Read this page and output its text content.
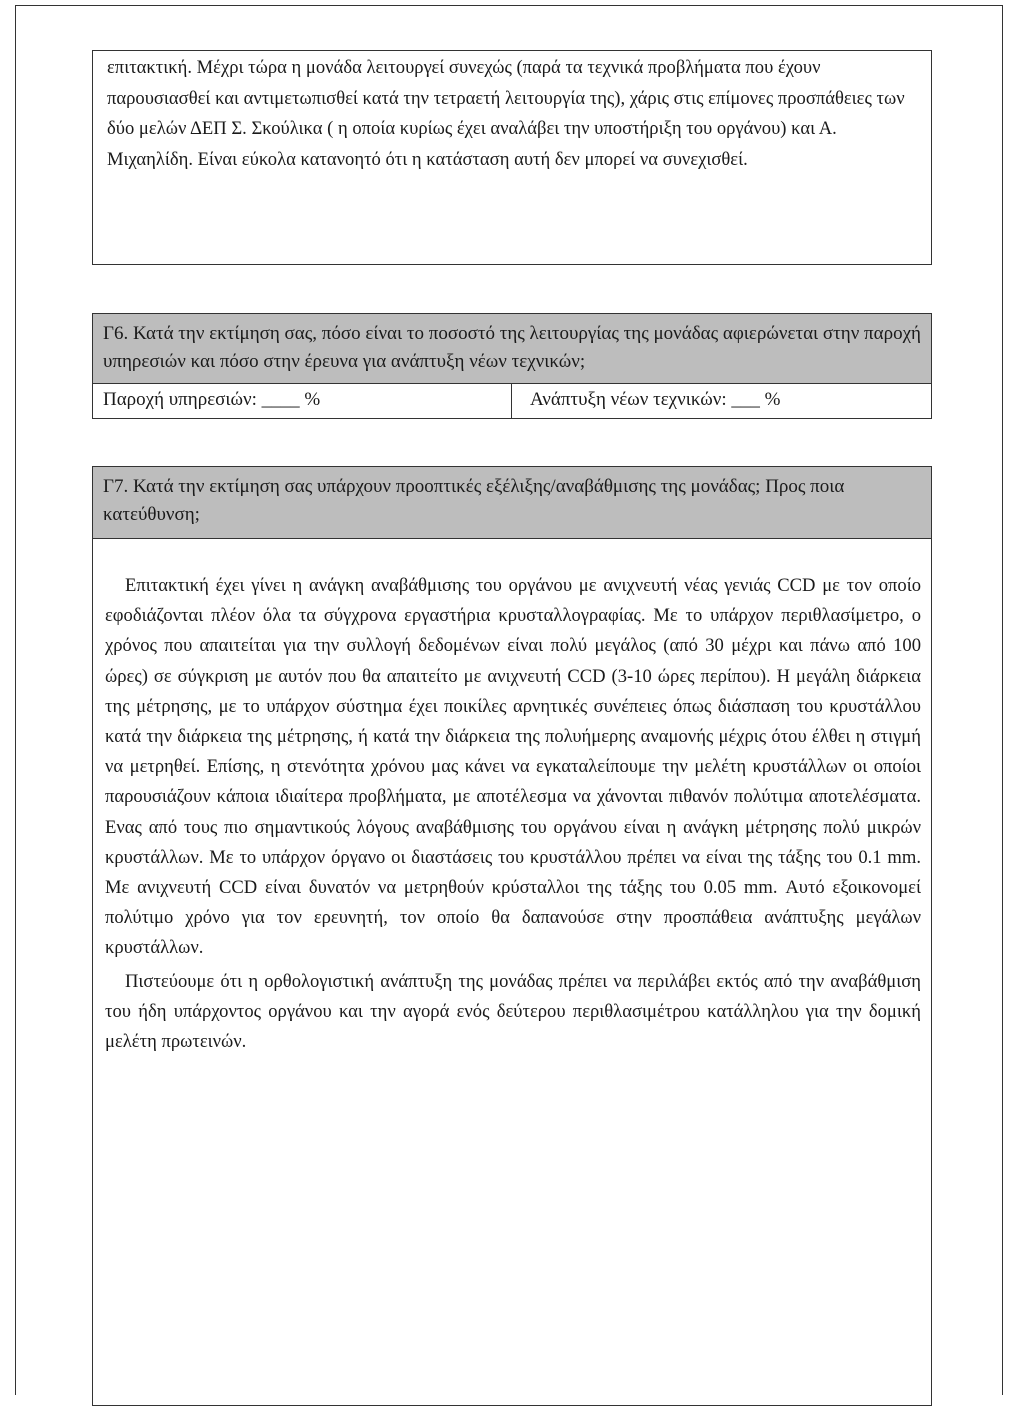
επιτακτική. Μέχρι τώρα η μονάδα λειτουργεί συνεχώς (παρά τα τεχνικά προβλήματα που έχουν παρουσιασθεί και αντιμετωπισθεί κατά την τετραετή λειτουργία της), χάρις στις επίμονες προσπάθειες των δύο μελών ΔΕΠ Σ. Σκούλικα ( η οποία κυρίως έχει αναλάβει την υποστήριξη του οργάνου) και Α. Μιχαηλίδη. Είναι εύκολα κατανοητό ότι η κατάσταση αυτή δεν μπορεί να συνεχισθεί.
Γ6. Κατά την εκτίμηση σας, πόσο είναι το ποσοστό της λειτουργίας της μονάδας αφιερώνεται στην παροχή υπηρεσιών και πόσο στην έρευνα για ανάπτυξη νέων τεχνικών;
Παροχή υπηρεσιών: ____ %	Ανάπτυξη νέων τεχνικών: ___ %
Γ7. Κατά την εκτίμηση σας υπάρχουν προοπτικές εξέλιξης/αναβάθμισης της μονάδας; Προς ποια κατεύθυνση;

Επιτακτική έχει γίνει η ανάγκη αναβάθμισης του οργάνου με ανιχνευτή νέας γενιάς CCD με τον οποίο εφοδιάζονται πλέον όλα τα σύγχρονα εργαστήρια κρυσταλλογραφίας. Με το υπάρχον περιθλασίμετρο, ο χρόνος που απαιτείται για την συλλογή δεδομένων είναι πολύ μεγάλος (από 30 μέχρι και πάνω από 100 ώρες) σε σύγκριση με αυτόν που θα απαιτείτο με ανιχνευτή CCD (3-10 ώρες περίπου). Η μεγάλη διάρκεια της μέτρησης, με το υπάρχον σύστημα έχει ποικίλες αρνητικές συνέπειες όπως διάσπαση του κρυστάλλου κατά την διάρκεια της μέτρησης, ή κατά την διάρκεια της πολυήμερης αναμονής μέχρις ότου έλθει η στιγμή να μετρηθεί. Επίσης, η στενότητα χρόνου μας κάνει να εγκαταλείπουμε την μελέτη κρυστάλλων οι οποίοι παρουσιάζουν κάποια ιδιαίτερα προβλήματα, με αποτέλεσμα να χάνονται πιθανόν πολύτιμα αποτελέσματα. Ενας από τους πιο σημαντικούς λόγους αναβάθμισης του οργάνου είναι η ανάγκη μέτρησης πολύ μικρών κρυστάλλων. Με το υπάρχον όργανο οι διαστάσεις του κρυστάλλου πρέπει να είναι της τάξης του 0.1 mm. Με ανιχνευτή CCD είναι δυνατόν να μετρηθούν κρύσταλλοι της τάξης του 0.05 mm. Αυτό εξοικονομεί πολύτιμο χρόνο για τον ερευνητή, τον οποίο θα δαπανούσε στην προσπάθεια ανάπτυξης μεγάλων κρυστάλλων.

Πιστεύουμε ότι η ορθολογιστική ανάπτυξη της μονάδας πρέπει να περιλάβει εκτός από την αναβάθμιση του ήδη υπάρχοντος οργάνου και την αγορά ενός δεύτερου περιθλασιμέτρου κατάλληλου για την δομική μελέτη πρωτεινών.
